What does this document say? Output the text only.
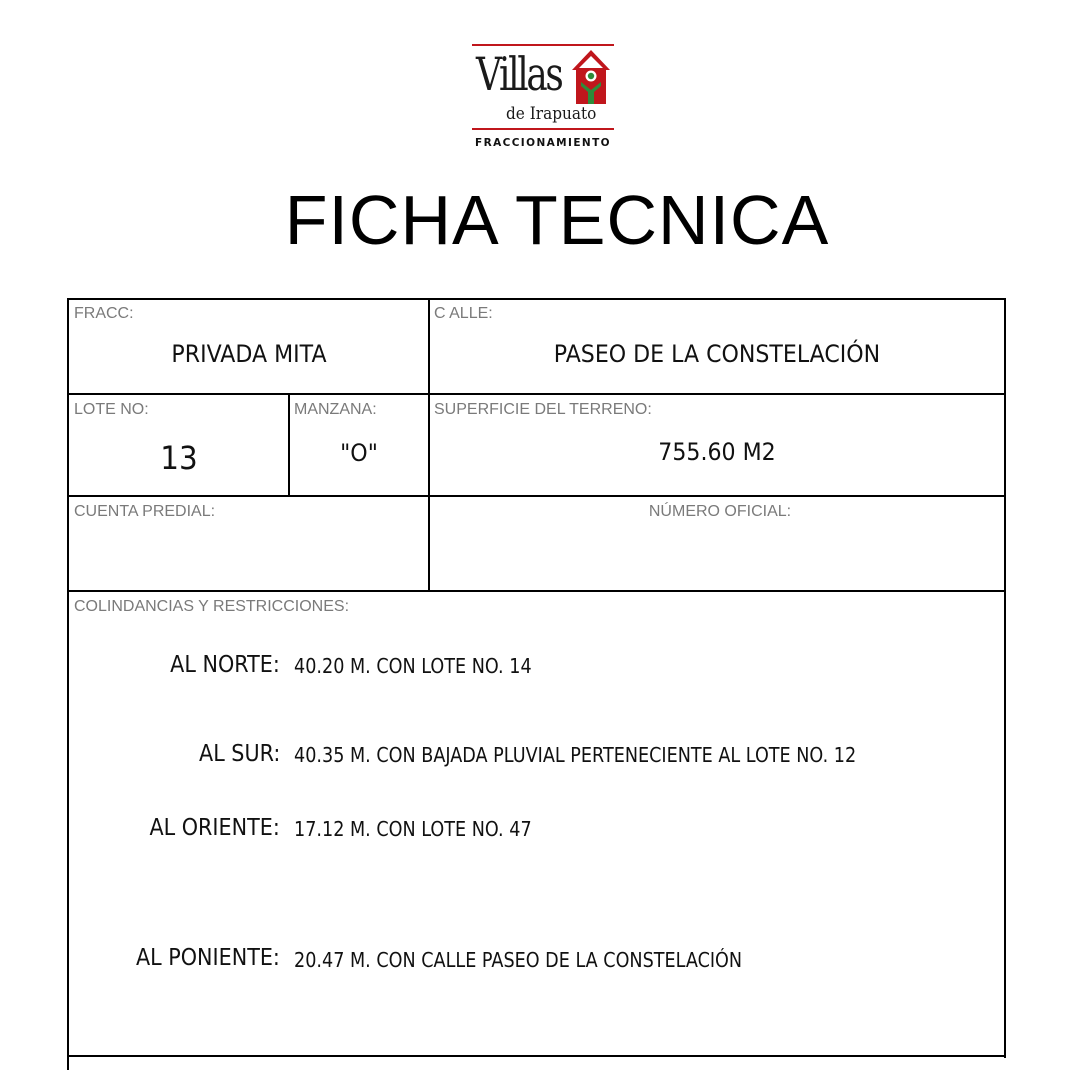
Villas
de Irapuato
FRACCIONAMIENTO
FICHA TECNICA
FRACC:
PRIVADA MITA
C ALLE:
PASEO DE LA CONSTELACIÓN
LOTE NO:
13
MANZANA:
"O"
SUPERFICIE DEL TERRENO:
755.60 M2
CUENTA PREDIAL:	NÚMERO OFICIAL:
COLINDANCIAS Y RESTRICCIONES:
AL NORTE: 40.20 M. CON LOTE NO. 14
AL SUR: 40.35 M. CON BAJADA PLUVIAL PERTENECIENTE AL LOTE NO. 12
AL ORIENTE: 17.12 M. CON LOTE NO. 47
AL PONIENTE: 20.47 M. CON CALLE PASEO DE LA CONSTELACIÓN
